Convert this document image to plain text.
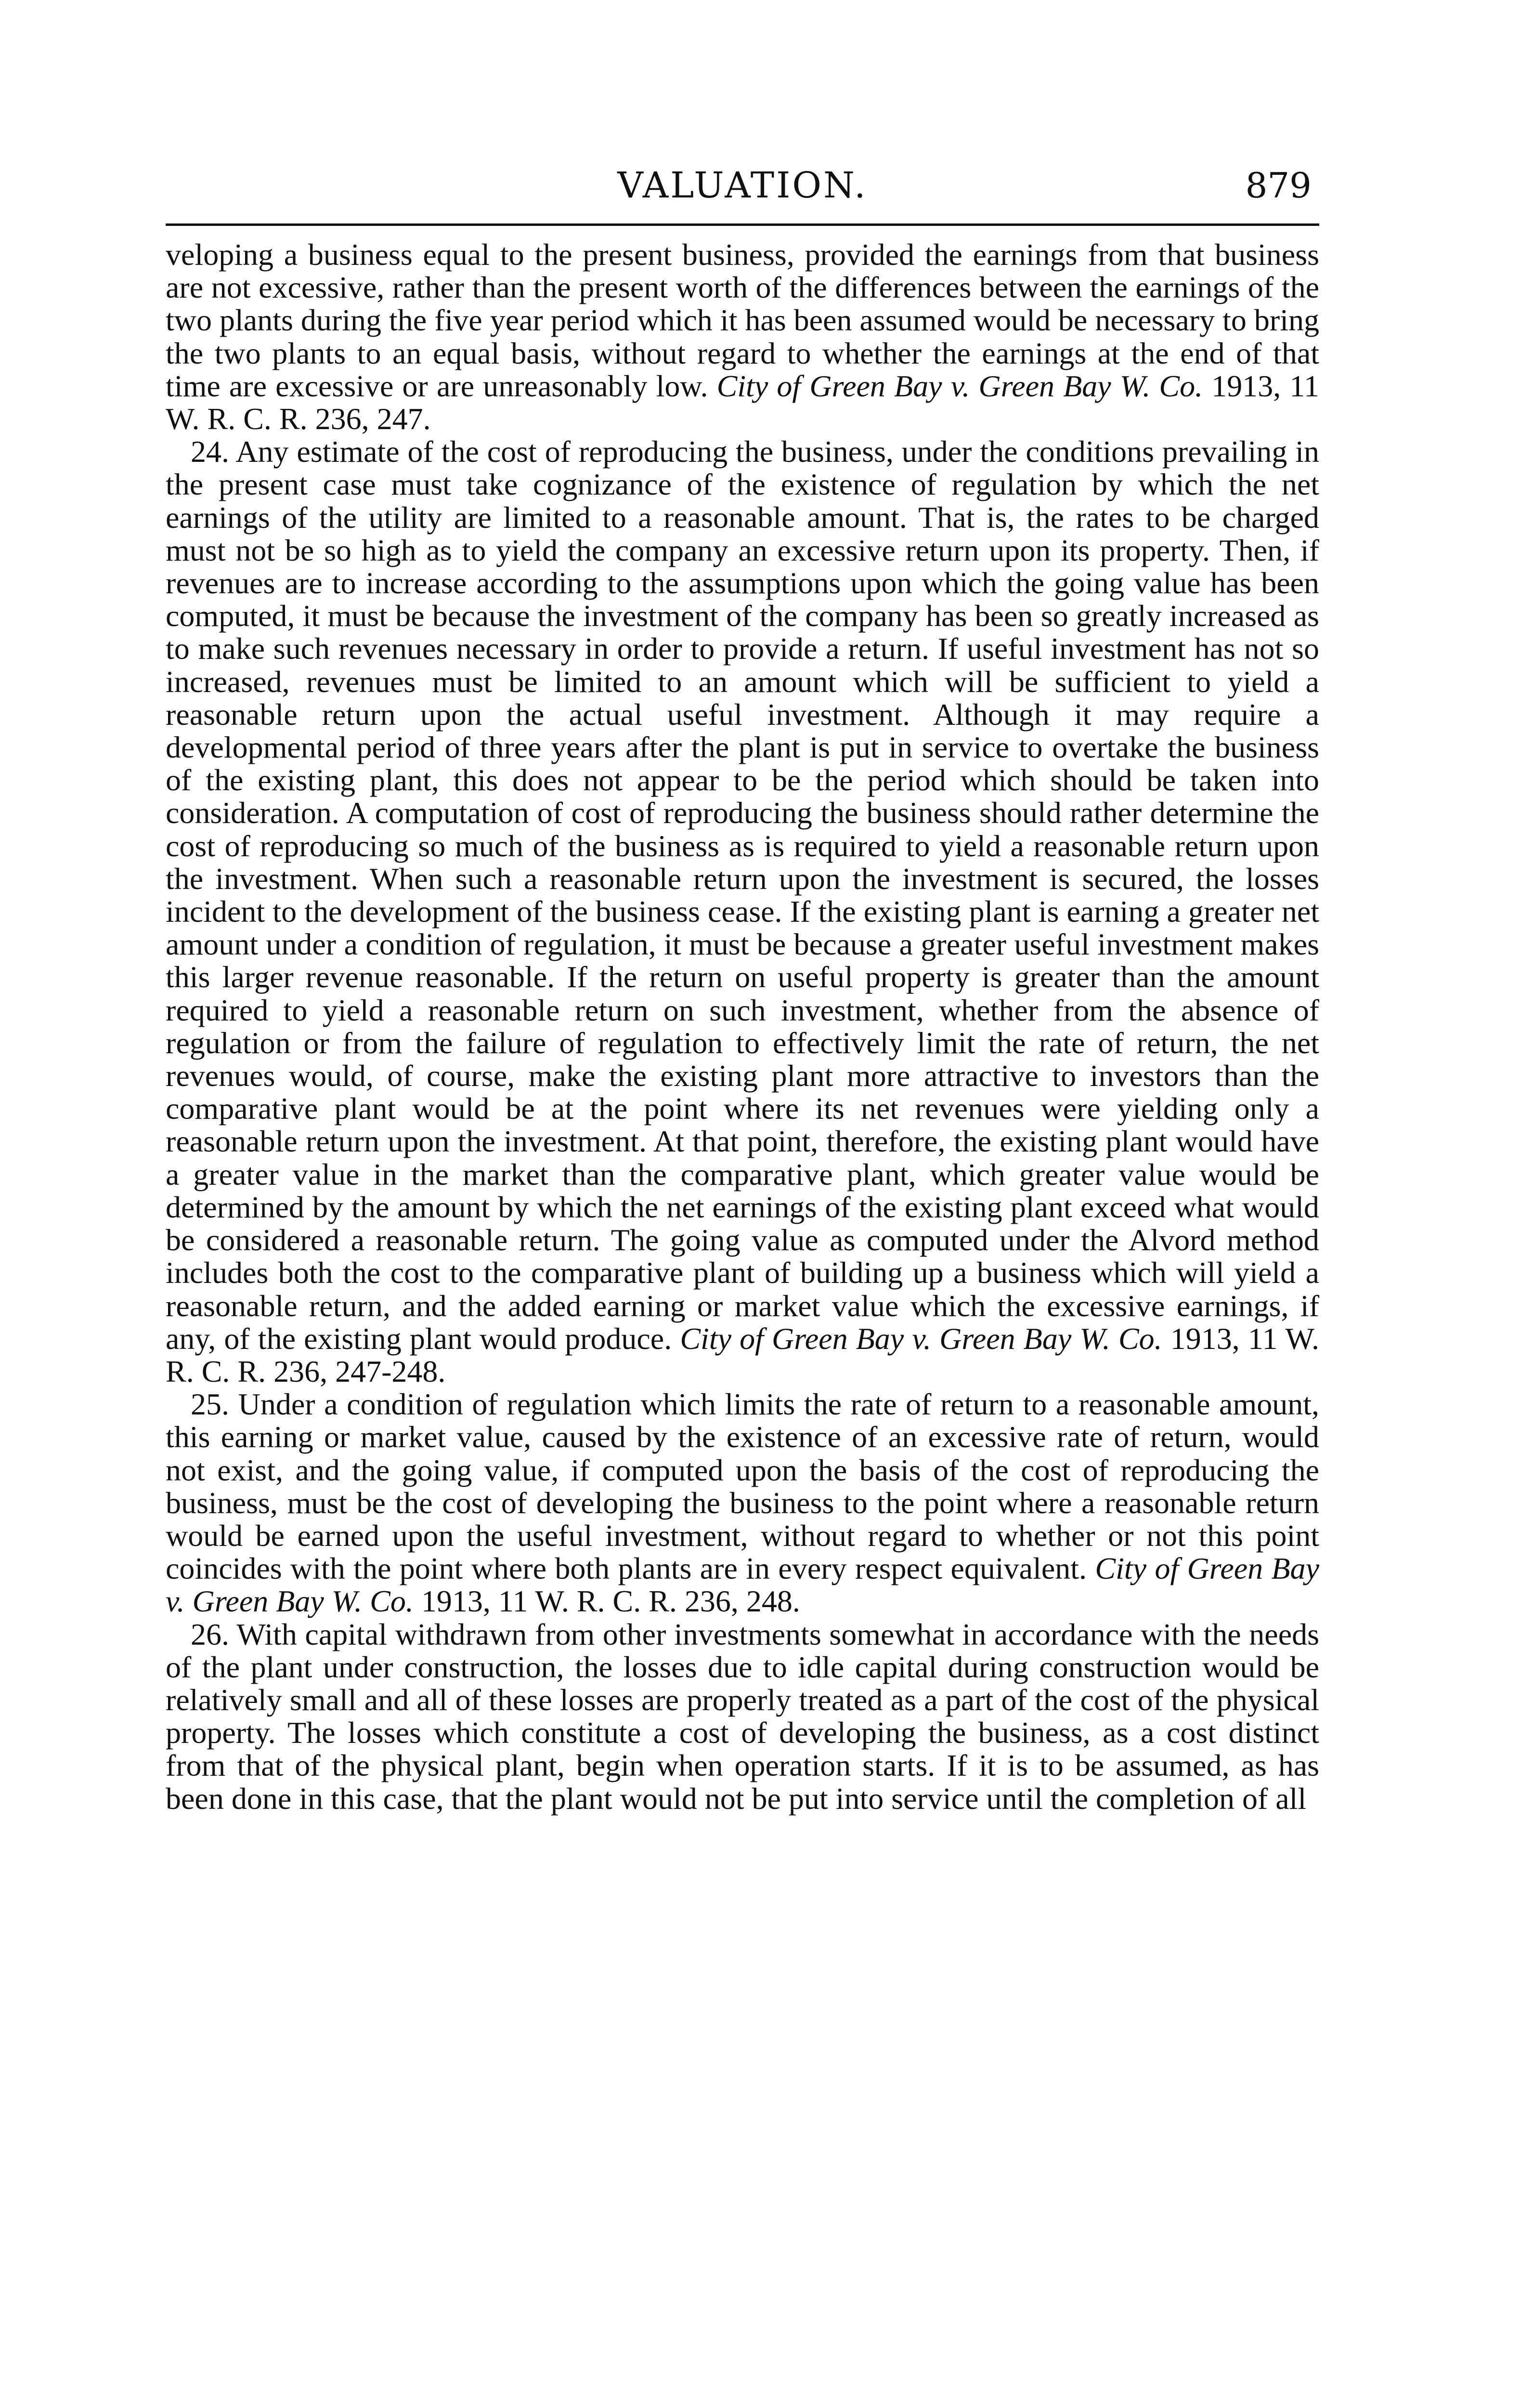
VALUATION.	879

veloping a business equal to the present business, provided the earnings from that business are not excessive, rather than the present worth of the differences between the earnings of the two plants during the five year period which it has been assumed would be necessary to bring the two plants to an equal basis, without regard to whether the earnings at the end of that time are excessive or are unreasonably low. City of Green Bay v. Green Bay W. Co. 1913, 11 W. R. C. R. 236, 247.

24. Any estimate of the cost of reproducing the business, under the conditions prevailing in the present case must take cognizance of the existence of regulation by which the net earnings of the utility are limited to a reasonable amount. That is, the rates to be charged must not be so high as to yield the company an excessive return upon its property. Then, if revenues are to increase according to the assumptions upon which the going value has been computed, it must be because the investment of the company has been so greatly increased as to make such revenues necessary in order to provide a return. If useful investment has not so increased, revenues must be limited to an amount which will be sufficient to yield a reasonable return upon the actual useful investment. Although it may require a developmental period of three years after the plant is put in service to overtake the business of the existing plant, this does not appear to be the period which should be taken into consideration. A computation of cost of reproducing the business should rather determine the cost of reproducing so much of the business as is required to yield a reasonable return upon the investment. When such a reasonable return upon the investment is secured, the losses incident to the development of the business cease. If the existing plant is earning a greater net amount under a condition of regulation, it must be because a greater useful investment makes this larger revenue reasonable. If the return on useful property is greater than the amount required to yield a reasonable return on such investment, whether from the absence of regulation or from the failure of regulation to effectively limit the rate of return, the net revenues would, of course, make the existing plant more attractive to investors than the comparative plant would be at the point where its net revenues were yielding only a reasonable return upon the investment. At that point, therefore, the existing plant would have a greater value in the market than the comparative plant, which greater value would be determined by the amount by which the net earnings of the existing plant exceed what would be considered a reasonable return. The going value as computed under the Alvord method includes both the cost to the comparative plant of building up a business which will yield a reasonable return, and the added earning or market value which the excessive earnings, if any, of the existing plant would produce. City of Green Bay v. Green Bay W. Co. 1913, 11 W. R. C. R. 236, 247-248.

25. Under a condition of regulation which limits the rate of return to a reasonable amount, this earning or market value, caused by the existence of an excessive rate of return, would not exist, and the going value, if computed upon the basis of the cost of reproducing the business, must be the cost of developing the business to the point where a reasonable return would be earned upon the useful investment, without regard to whether or not this point coincides with the point where both plants are in every respect equivalent. City of Green Bay v. Green Bay W. Co. 1913, 11 W. R. C. R. 236, 248.

26. With capital withdrawn from other investments somewhat in accordance with the needs of the plant under construction, the losses due to idle capital during construction would be relatively small and all of these losses are properly treated as a part of the cost of the physical property. The losses which constitute a cost of developing the business, as a cost distinct from that of the physical plant, begin when operation starts. If it is to be assumed, as has been done in this case, that the plant would not be put into service until the completion of all
